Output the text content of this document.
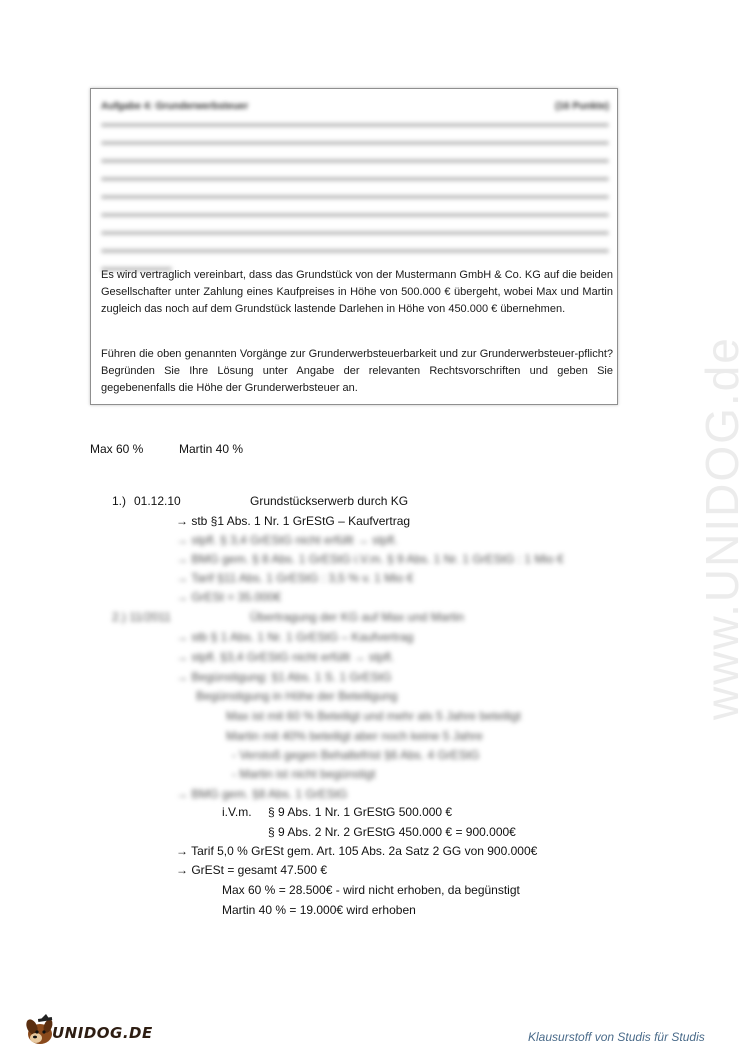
Aufgabe 4: Grunderwerbsteuer	(16 Punkte)
Es wird vertraglich vereinbart, dass das Grundstück von der Mustermann GmbH & Co. KG auf die beiden Gesellschafter unter Zahlung eines Kaufpreises in Höhe von 500.000 € übergeht, wobei Max und Martin zugleich das noch auf dem Grundstück lastende Darlehen in Höhe von 450.000 € übernehmen.
Führen die oben genannten Vorgänge zur Grunderwerbsteuerbarkeit und zur Grunderwerbsteuer-pflicht? Begründen Sie Ihre Lösung unter Angabe der relevanten Rechtsvorschriften und geben Sie gegebenenfalls die Höhe der Grunderwerbsteuer an.	www.UNIDOG.de
Max 60 %	Martin 40 %
1.) 01.12.10	Grundstückserwerb durch KG
→ stb §1 Abs. 1 Nr. 1 GrEStG – Kaufvertrag
→ stpfl. § 3,4 GrEStG nicht erfüllt → stpfl.
→ BMG gem. § 8 Abs. 1 GrEStG i.V.m. § 9 Abs. 1 Nr. 1 GrEStG : 1 Mio €
→ Tarif §11 Abs. 1 GrEStG : 3,5 % v. 1 Mio €
→ GrESt = 35.000€
2.) 11/2011	Übertragung der KG auf Max und Martin
→ stb § 1 Abs. 1 Nr. 1 GrEStG – Kaufvertrag
→ stpfl. §3,4 GrEStG nicht erfüllt → stpfl.
→ Begünstigung: §1 Abs. 1 S. 1 GrEStG
Begünstigung in Höhe der Beteiligung
Max ist mit 60 % Beteiligt und mehr als 5 Jahre beteiligt
Martin mit 40% beteiligt aber noch keine 5 Jahre
- Verstoß gegen Behaltefrist §6 Abs. 4 GrEStG
- Martin ist nicht begünstigt
→ BMG gem. §8 Abs. 1 GrEStG
i.V.m. § 9 Abs. 1 Nr. 1 GrEStG 500.000 €
§ 9 Abs. 2 Nr. 2 GrEStG 450.000 € = 900.000€
→ Tarif 5,0 % GrESt gem. Art. 105 Abs. 2a Satz 2 GG von 900.000€
→ GrESt = gesamt 47.500 €
Max 60 % = 28.500€ - wird nicht erhoben, da begünstigt
Martin 40 % = 19.000€ wird erhoben
UNIDOG.DE	Klausurstoff von Studis für Studis
